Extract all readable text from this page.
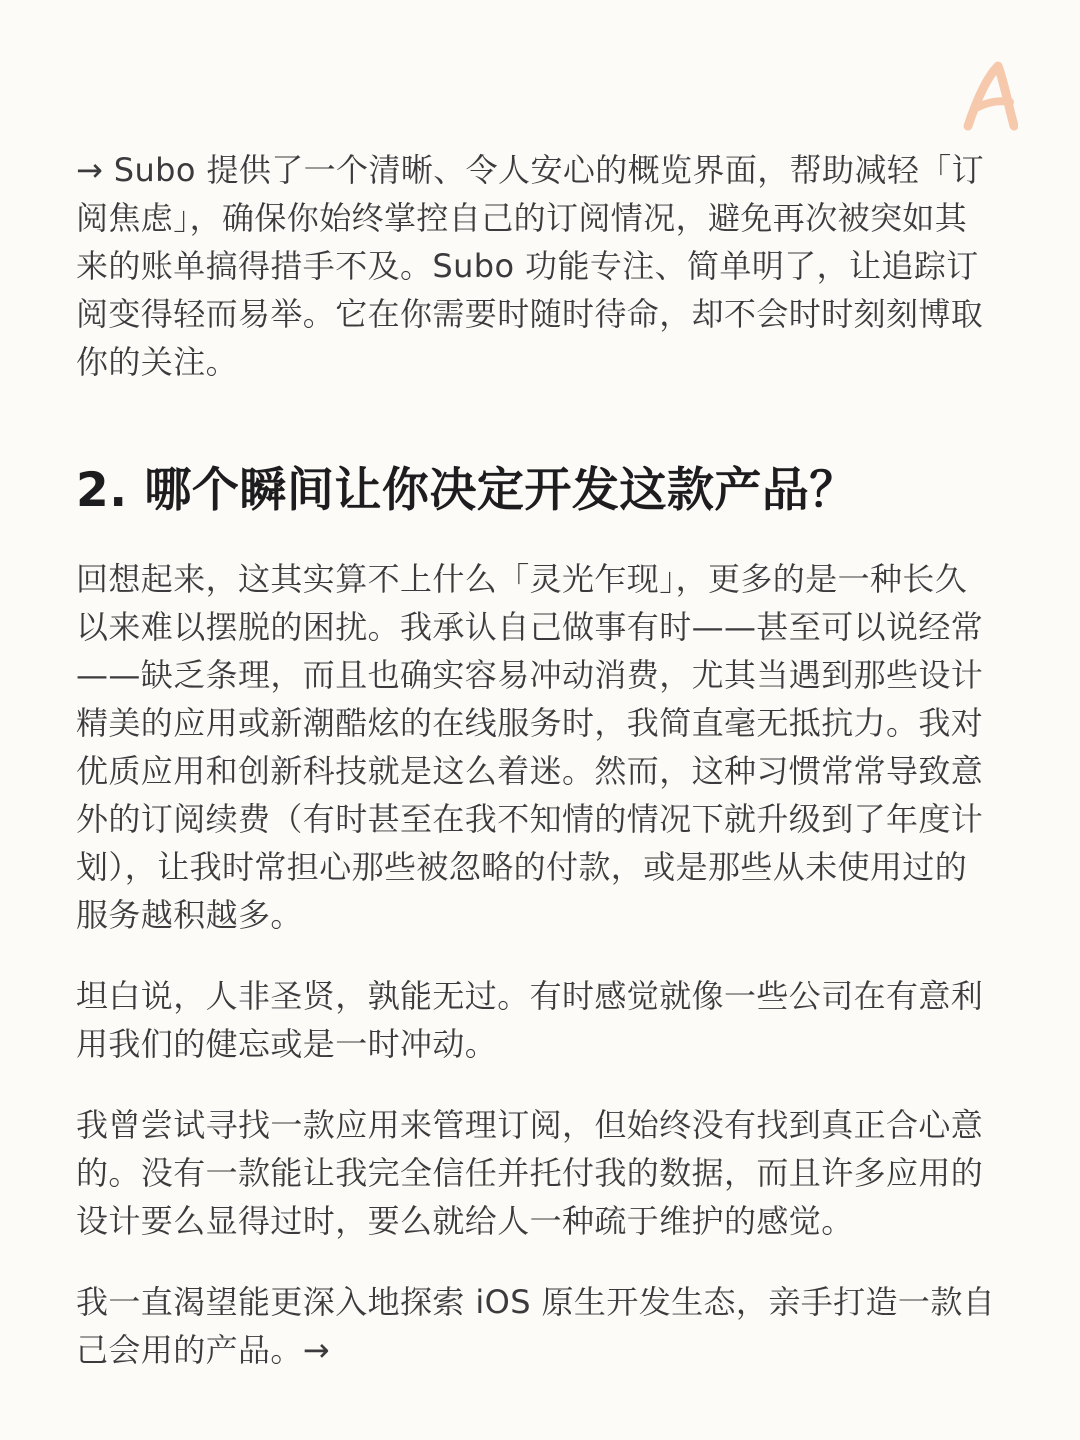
→ Subo 提供了一个清晰、令人安心的概览界面，帮助减轻「订阅焦虑」，确保你始终掌控自己的订阅情况，避免再次被突如其来的账单搞得措手不及。Subo 功能专注、简单明了，让追踪订阅变得轻而易举。它在你需要时随时待命，却不会时时刻刻博取你的关注。

2. 哪个瞬间让你决定开发这款产品？

回想起来，这其实算不上什么「灵光乍现」，更多的是一种长久以来难以摆脱的困扰。我承认自己做事有时——甚至可以说经常——缺乏条理，而且也确实容易冲动消费，尤其当遇到那些设计精美的应用或新潮酷炫的在线服务时，我简直毫无抵抗力。我对优质应用和创新科技就是这么着迷。然而，这种习惯常常导致意外的订阅续费（有时甚至在我不知情的情况下就升级到了年度计划），让我时常担心那些被忽略的付款，或是那些从未使用过的服务越积越多。

坦白说，人非圣贤，孰能无过。有时感觉就像一些公司在有意利用我们的健忘或是一时冲动。

我曾尝试寻找一款应用来管理订阅，但始终没有找到真正合心意的。没有一款能让我完全信任并托付我的数据，而且许多应用的设计要么显得过时，要么就给人一种疏于维护的感觉。

我一直渴望能更深入地探索 iOS 原生开发生态，亲手打造一款自己会用的产品。→
